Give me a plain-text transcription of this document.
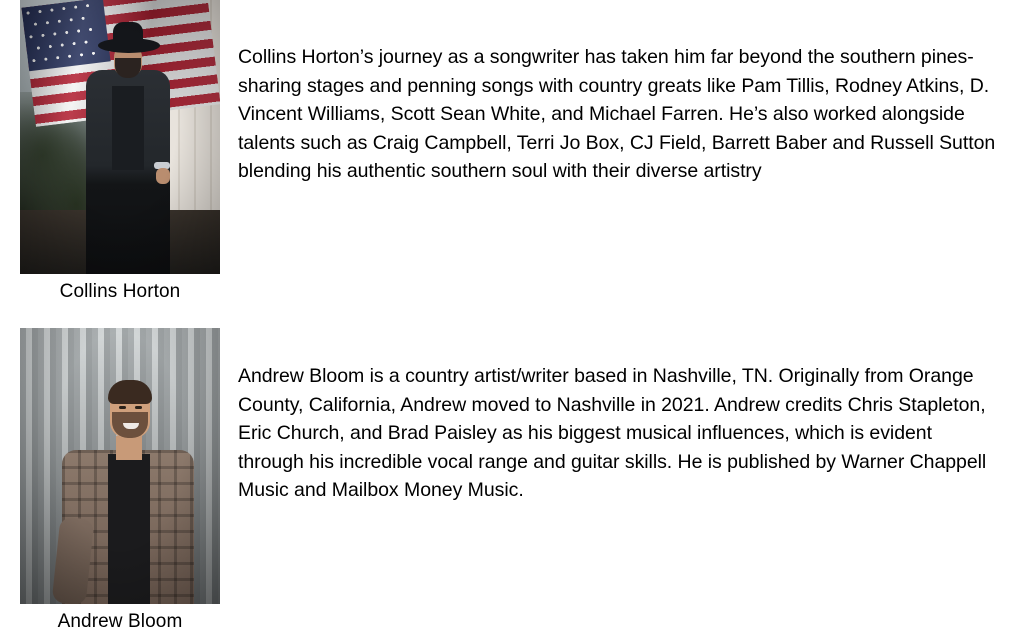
Collins Horton
Collins Horton’s journey as a songwriter has taken him far beyond the southern pines- sharing stages and penning songs with country greats like Pam Tillis, Rodney Atkins, D. Vincent Williams, Scott Sean White, and Michael Farren. He’s also worked alongside talents such as Craig Campbell, Terri Jo Box, CJ Field, Barrett Baber and Russell Sutton blending his authentic southern soul with their diverse artistry
Andrew Bloom
Andrew Bloom is a country artist/writer based in Nashville, TN. Originally from Orange County, California, Andrew moved to Nashville in 2021. Andrew credits Chris Stapleton, Eric Church, and Brad Paisley as his biggest musical influences, which is evident through his incredible vocal range and guitar skills. He is published by Warner Chappell Music and Mailbox Money Music.
